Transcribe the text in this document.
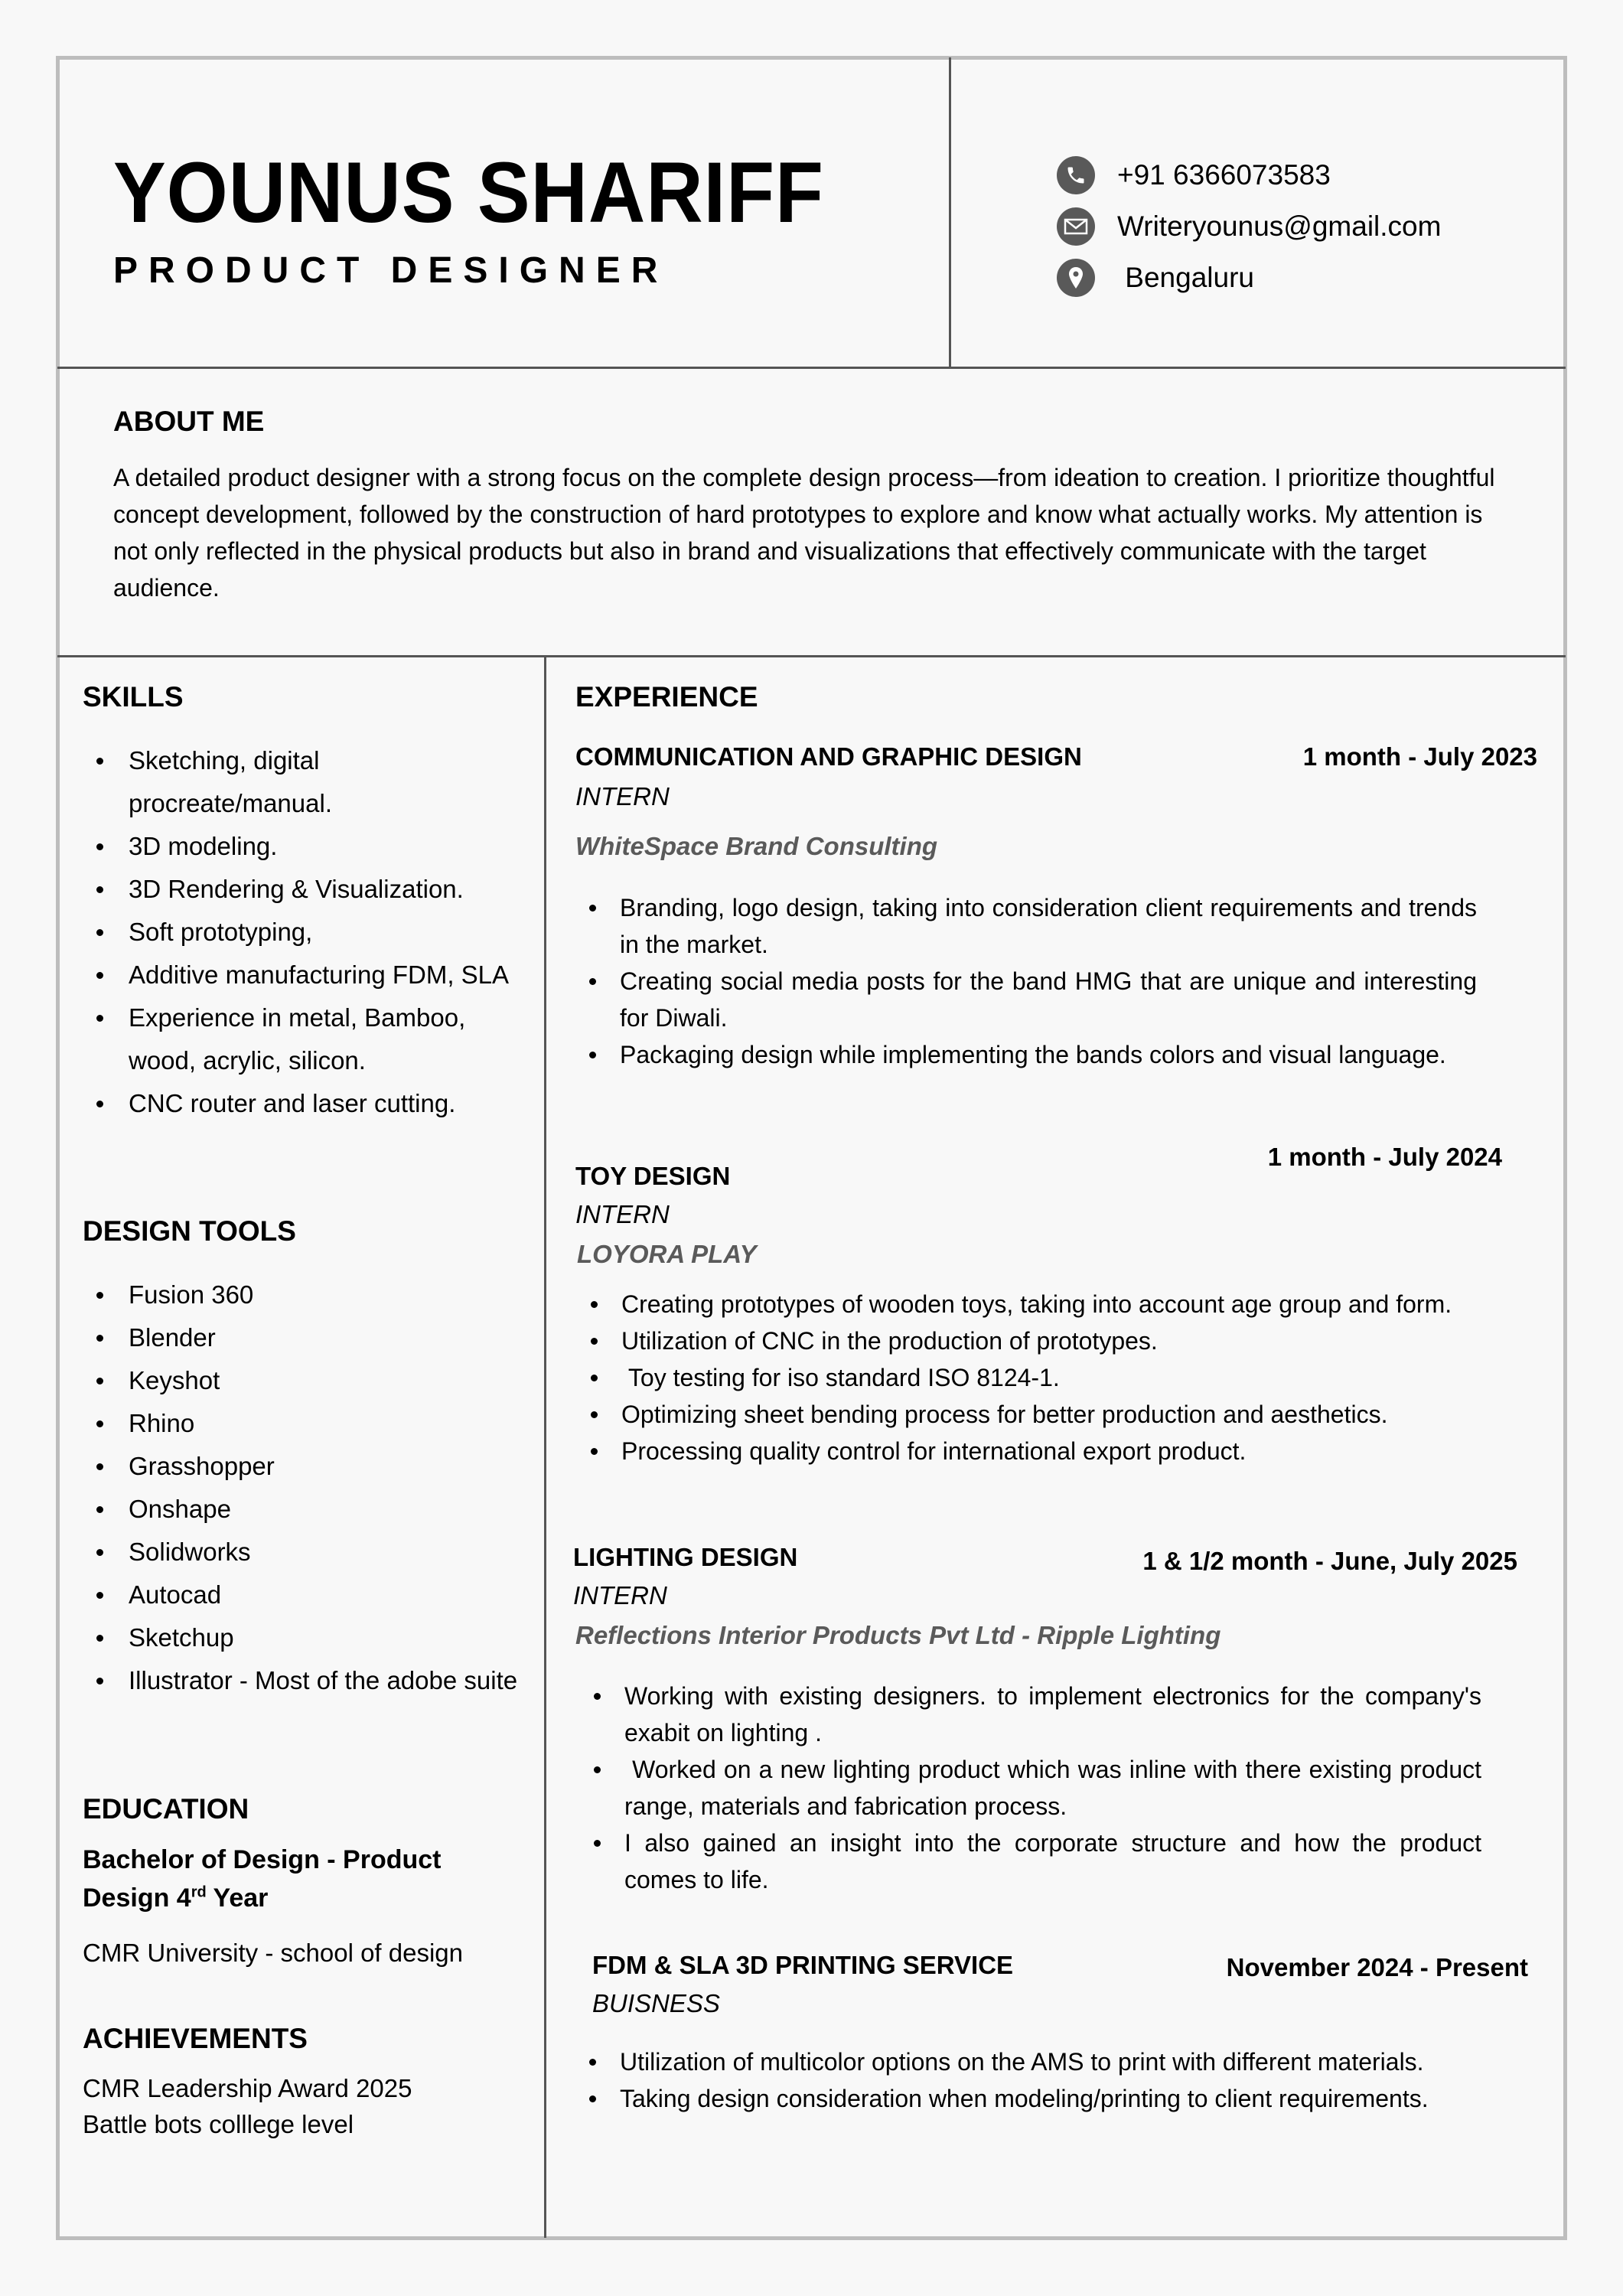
YOUNUS SHARIFF
PRODUCT DESIGNER
+91 6366073583
Writeryounus@gmail.com
Bengaluru
ABOUT ME

A detailed product designer with a strong focus on the complete design process—from ideation to creation. I prioritize thoughtful concept development, followed by the construction of hard prototypes to explore and know what actually works. My attention is not only reflected in the physical products but also in brand and visualizations that effectively communicate with the target audience.

SKILLS
Sketching, digital procreate/manual.
3D modeling.
3D Rendering & Visualization.
Soft prototyping,
Additive manufacturing FDM, SLA
Experience in metal, Bamboo, wood, acrylic, silicon.
CNC router and laser cutting.
DESIGN TOOLS
Fusion 360
Blender
Keyshot
Rhino
Grasshopper
Onshape
Solidworks
Autocad
Sketchup
Illustrator - Most of the adobe suite
EDUCATION
Bachelor of Design - Product Design 4rd Year
CMR University - school of design
ACHIEVEMENTS
CMR Leadership Award 2025
Battle bots colllege level
EXPERIENCE
COMMUNICATION AND GRAPHIC DESIGN	1 month - July 2023
INTERN
WhiteSpace Brand Consulting
Branding, logo design, taking into consideration client requirements and trends in the market.
Creating social media posts for the band HMG that are unique and interesting for Diwali.
Packaging design while implementing the bands colors and visual language.
1 month - July 2024
TOY DESIGN
INTERN
LOYORA PLAY
Creating prototypes of wooden toys, taking into account age group and form.
Utilization of CNC in the production of prototypes.
Toy testing for iso standard ISO 8124-1.
Optimizing sheet bending process for better production and aesthetics.
Processing quality control for international export product.
LIGHTING DESIGN	1 & 1/2 month - June, July 2025
INTERN
Reflections Interior Products Pvt Ltd - Ripple Lighting
Working with existing designers. to implement electronics for the company's exabit on lighting .
Worked on a new lighting product which was inline with there existing product range, materials and fabrication process.
I also gained an insight into the corporate structure and how the product comes to life.
FDM & SLA 3D PRINTING SERVICE	November 2024 - Present
BUISNESS
Utilization of multicolor options on the AMS to print with different materials.
Taking design consideration when modeling/printing to client requirements.
